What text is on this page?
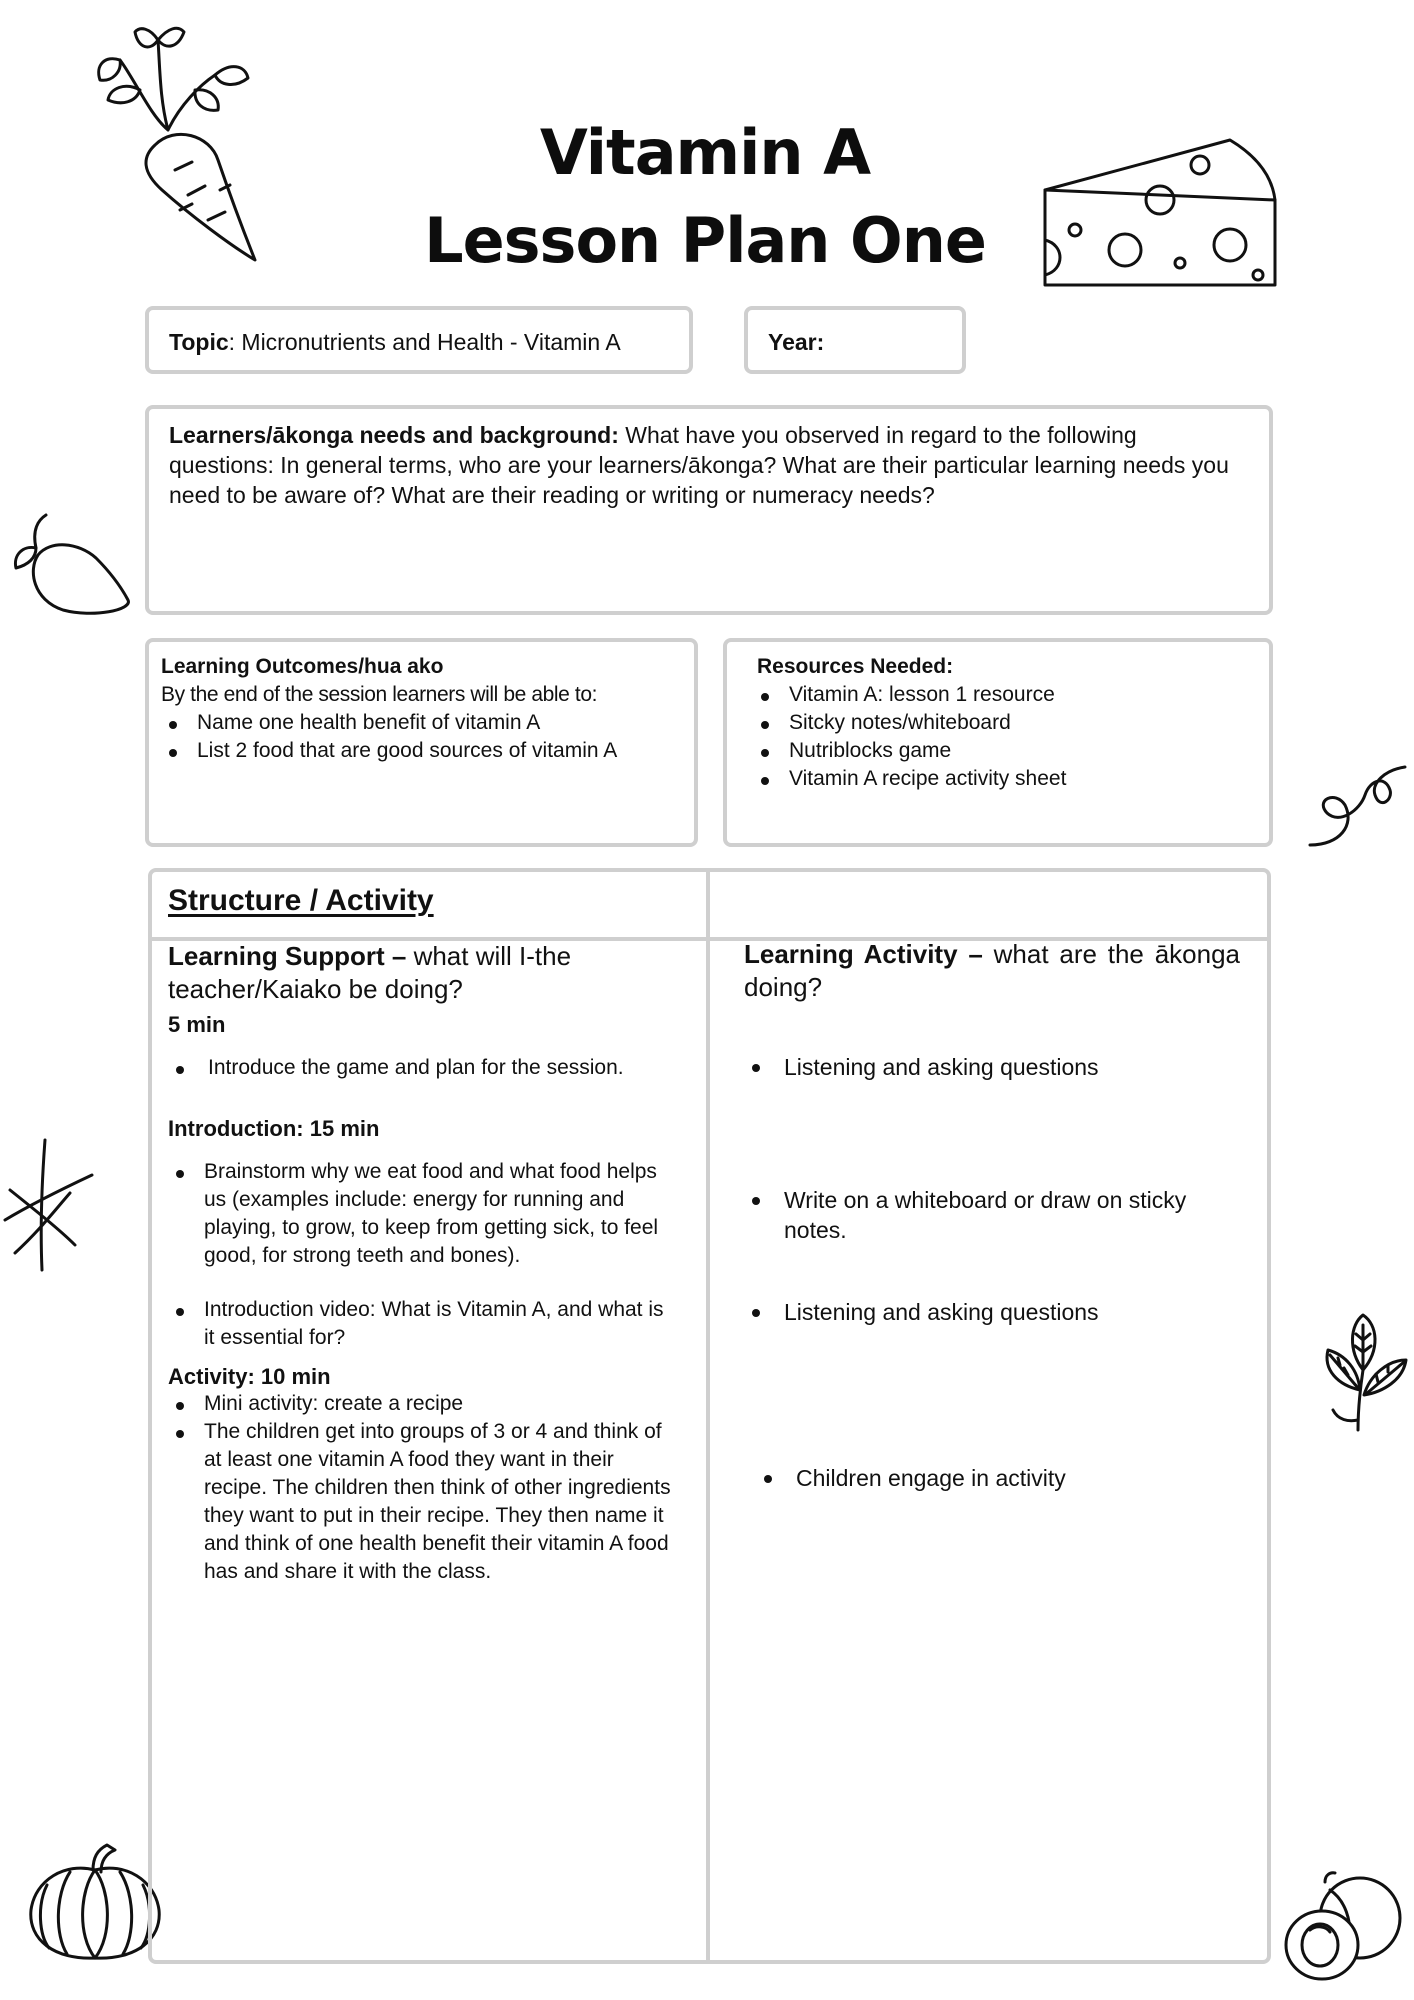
Vitamin A
Lesson Plan One
Topic: Micronutrients and Health - Vitamin A	Year:
Learners/ākonga needs and background: What have you observed in regard to the following questions: In general terms, who are your learners/ākonga? What are their particular learning needs you need to be aware of? What are their reading or writing or numeracy needs?
Learning Outcomes/hua ako
By the end of the session learners will be able to:
Name one health benefit of vitamin A
List 2 food that are good sources of vitamin A
Resources Needed:
Vitamin A: lesson 1 resource
Sitcky notes/whiteboard
Nutriblocks game
Vitamin A recipe activity sheet
Structure / Activity
Learning Support – what will I-the teacher/Kaiako be doing?
5 min
Introduce the game and plan for the session.
Introduction: 15 min
Brainstorm why we eat food and what food helps us (examples include: energy for running and playing, to grow, to keep from getting sick, to feel good, for strong teeth and bones).
Introduction video: What is Vitamin A, and what is it essential for?
Activity: 10 min
Mini activity: create a recipe
The children get into groups of 3 or 4 and think of at least one vitamin A food they want in their recipe. The children then think of other ingredients they want to put in their recipe. They then name it and think of one health benefit their vitamin A food has and share it with the class.
Learning Activity – what are the ākonga doing?
Listening and asking questions
Write on a whiteboard or draw on sticky notes.
Listening and asking questions
Children engage in activity
